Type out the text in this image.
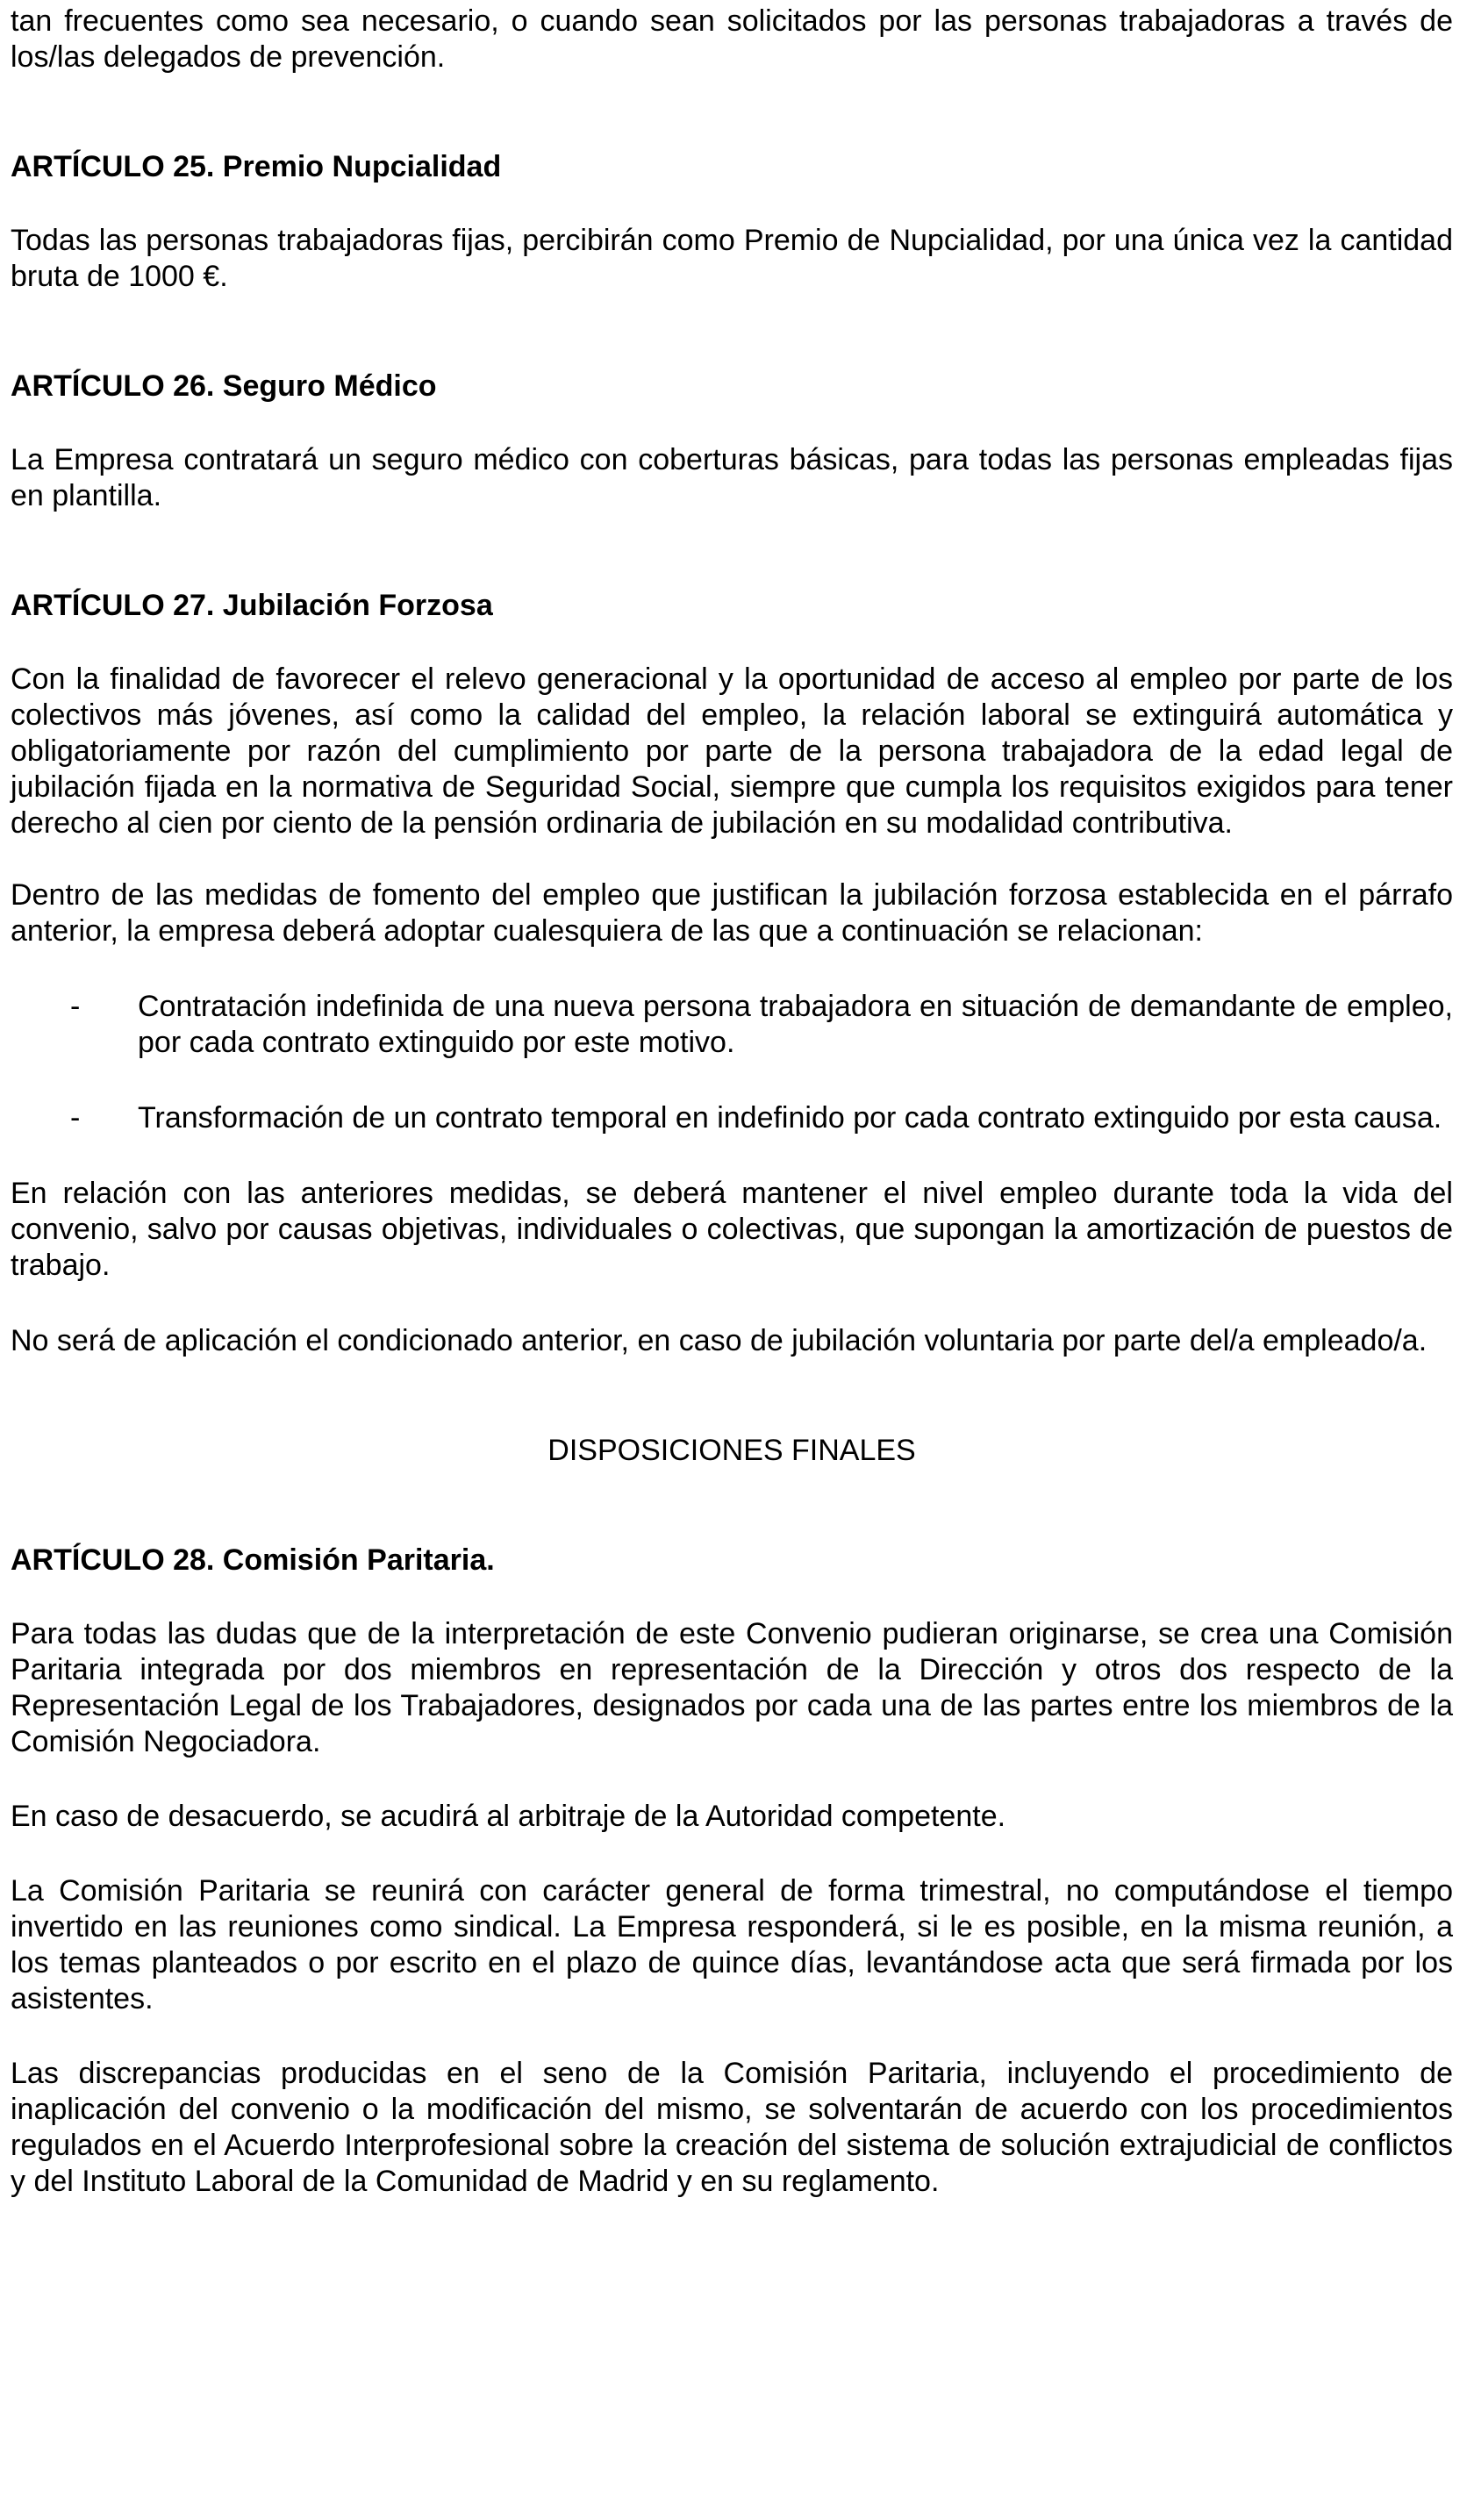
tan frecuentes como sea necesario, o cuando sean solicitados por las personas trabajadoras a través de los/las delegados de prevención.

ARTÍCULO 25. Premio Nupcialidad

Todas las personas trabajadoras fijas, percibirán como Premio de Nupcialidad, por una única vez la cantidad bruta de 1000 €.

ARTÍCULO 26. Seguro Médico

La Empresa contratará un seguro médico con coberturas básicas, para todas las personas empleadas fijas en plantilla.

ARTÍCULO 27. Jubilación Forzosa

Con la finalidad de favorecer el relevo generacional y la oportunidad de acceso al empleo por parte de los colectivos más jóvenes, así como la calidad del empleo, la relación laboral se extinguirá automática y obligatoriamente por razón del cumplimiento por parte de la persona trabajadora de la edad legal de jubilación fijada en la normativa de Seguridad Social, siempre que cumpla los requisitos exigidos para tener derecho al cien por ciento de la pensión ordinaria de jubilación en su modalidad contributiva.

Dentro de las medidas de fomento del empleo que justifican la jubilación forzosa establecida en el párrafo anterior, la empresa deberá adoptar cualesquiera de las que a continuación se relacionan:

-	Contratación indefinida de una nueva persona trabajadora en situación de demandante de empleo, por cada contrato extinguido por este motivo.
-	Transformación de un contrato temporal en indefinido por cada contrato extinguido por esta causa.

En relación con las anteriores medidas, se deberá mantener el nivel empleo durante toda la vida del convenio, salvo por causas objetivas, individuales o colectivas, que supongan la amortización de puestos de trabajo.

No será de aplicación el condicionado anterior, en caso de jubilación voluntaria por parte del/a empleado/a.

DISPOSICIONES FINALES
ARTÍCULO 28. Comisión Paritaria.

Para todas las dudas que de la interpretación de este Convenio pudieran originarse, se crea una Comisión Paritaria integrada por dos miembros en representación de la Dirección y otros dos respecto de la Representación Legal de los Trabajadores, designados por cada una de las partes entre los miembros de la Comisión Negociadora.

En caso de desacuerdo, se acudirá al arbitraje de la Autoridad competente.

La Comisión Paritaria se reunirá con carácter general de forma trimestral, no computándose el tiempo invertido en las reuniones como sindical. La Empresa responderá, si le es posible, en la misma reunión, a los temas planteados o por escrito en el plazo de quince días, levantándose acta que será firmada por los asistentes.

Las discrepancias producidas en el seno de la Comisión Paritaria, incluyendo el procedimiento de inaplicación del convenio o la modificación del mismo, se solventarán de acuerdo con los procedimientos regulados en el Acuerdo Interprofesional sobre la creación del sistema de solución extrajudicial de conflictos y del Instituto Laboral de la Comunidad de Madrid y en su reglamento.
